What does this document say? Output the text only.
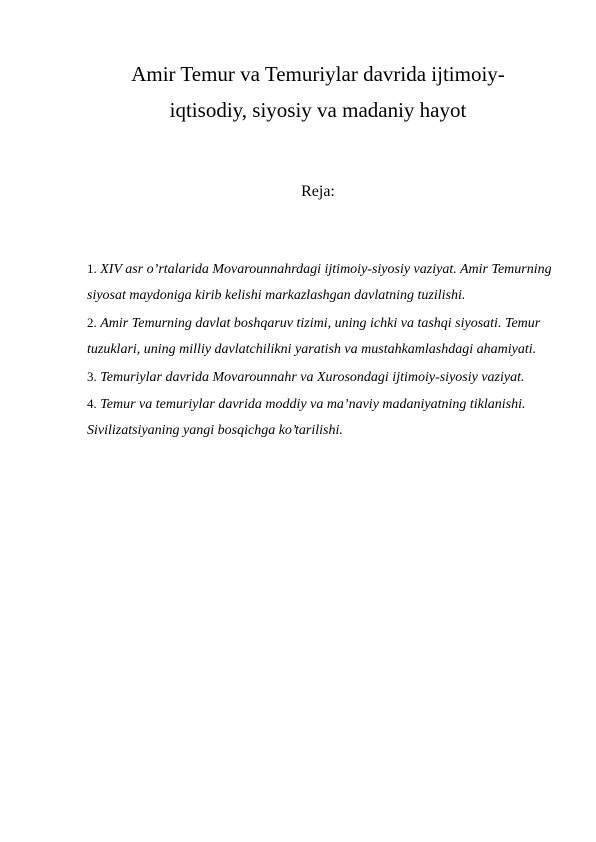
Amir Temur va Temuriylar davrida ijtimoiy-
iqtisodiy, siyosiy va madaniy hayot
Reja:
1. XIV asr o’rtalarida Movarounnahrdagi ijtimoiy-siyosiy vaziyat. Amir Temurning siyosat maydoniga kirib kelishi markazlashgan davlatning tuzilishi.
2. Amir Temurning davlat boshqaruv tizimi, uning ichki va tashqi siyosati. Temur tuzuklari, uning milliy davlatchilikni yaratish va mustahkamlashdagi ahamiyati.
3. Temuriylar davrida Movarounnahr va Xurosondagi ijtimoiy-siyosiy vaziyat.
4. Temur va temuriylar davrida moddiy va ma’naviy madaniyatning tiklanishi. Sivilizatsiyaning yangi bosqichga ko’tarilishi.
